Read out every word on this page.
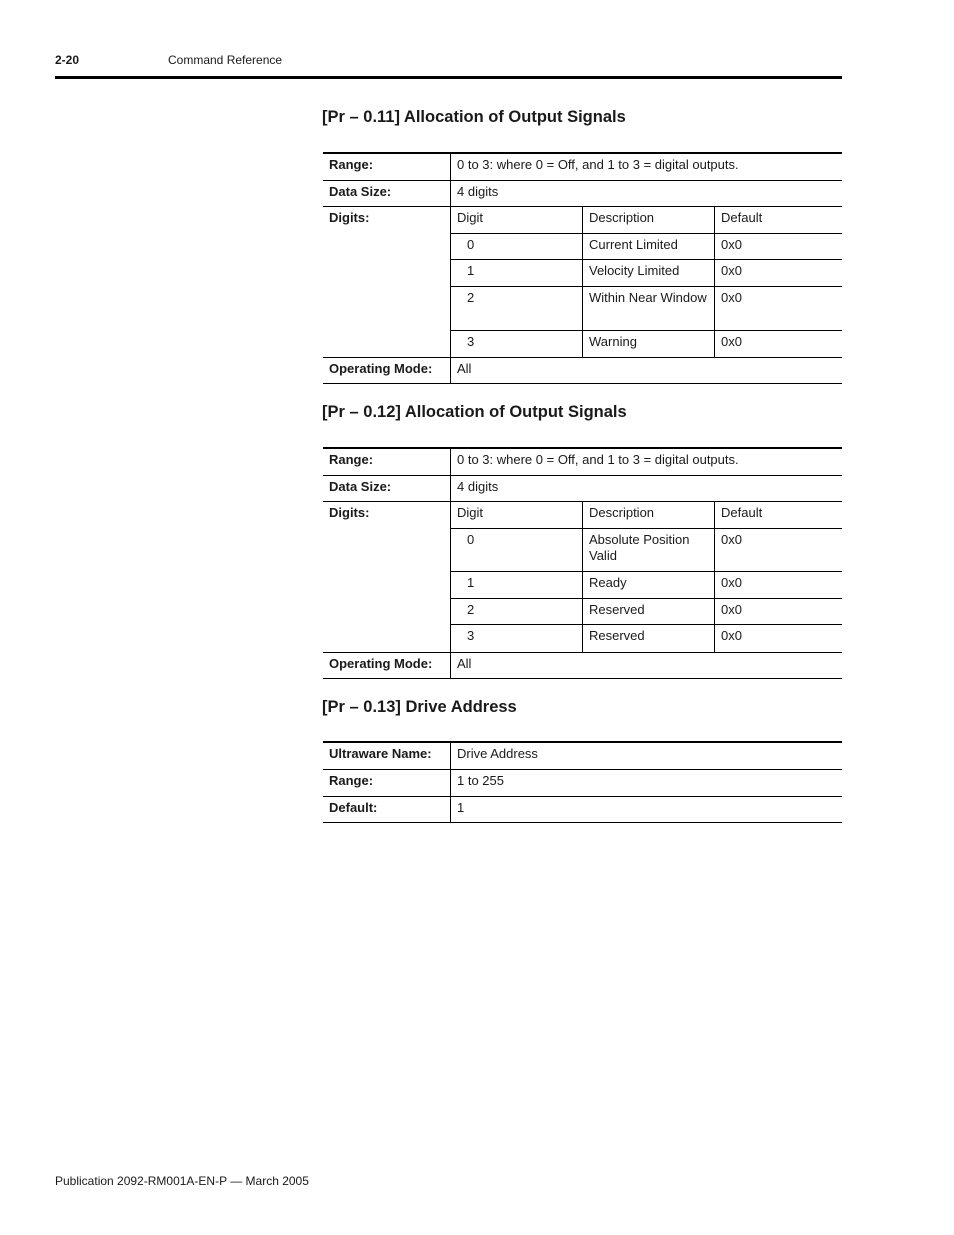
2-20	Command Reference
[Pr – 0.11] Allocation of Output Signals
Range:	0 to 3: where 0 = Off, and 1 to 3 = digital outputs.
Data Size:	4 digits
Digits:		Digit	Description	Default
0	Current Limited	0x0
1	Velocity Limited	0x0
2	Within Near Window	0x0
3	Warning	0x0

Operating Mode:	All
[Pr – 0.12] Allocation of Output Signals
Range:	0 to 3: where 0 = Off, and 1 to 3 = digital outputs.
Data Size:	4 digits
Digits:		Digit	Description	Default
0	Absolute Position Valid	0x0
1	Ready	0x0
2	Reserved	0x0
3	Reserved	0x0

Operating Mode:	All
[Pr – 0.13] Drive Address
Ultraware Name:	Drive Address
Range:	1 to 255
Default:	1
Publication 2092-RM001A-EN-P — March 2005
